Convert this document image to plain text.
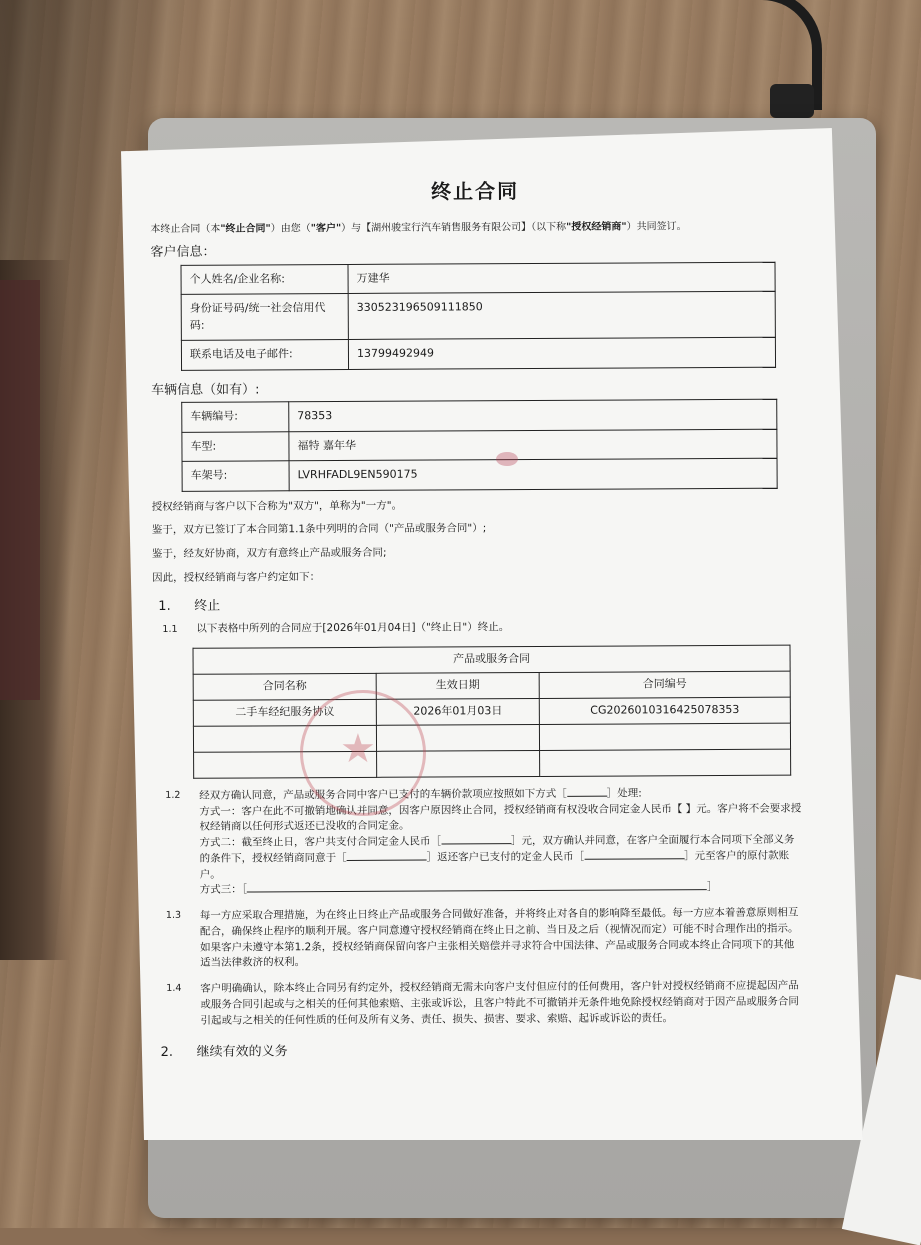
终止合同
本终止合同（本"终止合同"）由您（"客户"）与【湖州骏宝行汽车销售服务有限公司】（以下称"授权经销商"）共同签订。
客户信息：
个人姓名/企业名称:	万建华
身份证号码/统一社会信用代码:	330523196509111850
联系电话及电子邮件:	13799492949
车辆信息（如有）:
车辆编号:	78353
车型:	福特 嘉年华
车架号:	LVRHFADL9EN590175
授权经销商与客户以下合称为"双方"，单称为"一方"。
鉴于，双方已签订了本合同第1.1条中列明的合同（"产品或服务合同"）;
鉴于，经友好协商，双方有意终止产品或服务合同;
因此，授权经销商与客户约定如下：
1. 终止
1.1 以下表格中所列的合同应于[2026年01月04日]（"终止日"）终止。
产品或服务合同		
合同名称	生效日期	合同编号
二手车经纪服务协议	2026年01月03日	CG2026010316425078353

1.2	经双方确认同意，产品或服务合同中客户已支付的车辆价款项应按照如下方式［	］处理:
方式一：客户在此不可撤销地确认并同意，因客户原因终止合同，授权经销商有权没收合同定金人民币【 】元。客户将不会要求授权经销商以任何形式返还已没收的合同定金。
方式二：截至终止日，客户共支付合同定金人民币［	］元，双方确认并同意，在客户全面履行本合同项下全部义务的条件下，授权经销商同意于［	］返还客户已支付的定金人民币［	］元至客户的原付款账户。
方式三：［	］
1.3	每一方应采取合理措施，为在终止日终止产品或服务合同做好准备，并将终止对各自的影响降至最低。每一方应本着善意原则相互配合，确保终止程序的顺利开展。客户同意遵守授权经销商在终止日之前、当日及之后（视情况而定）可能不时合理作出的指示。如果客户未遵守本第1.2条，授权经销商保留向客户主张相关赔偿并寻求符合中国法律、产品或服务合同或本终止合同项下的其他适当法律救济的权利。
1.4	客户明确确认，除本终止合同另有约定外，授权经销商无需未向客户支付但应付的任何费用，客户针对授权经销商不应提起因产品或服务合同引起或与之相关的任何其他索赔、主张或诉讼，且客户特此不可撤销并无条件地免除授权经销商对于因产品或服务合同引起或与之相关的任何性质的任何及所有义务、责任、损失、损害、要求、索赔、起诉或诉讼的责任。
2. 继续有效的义务
★
